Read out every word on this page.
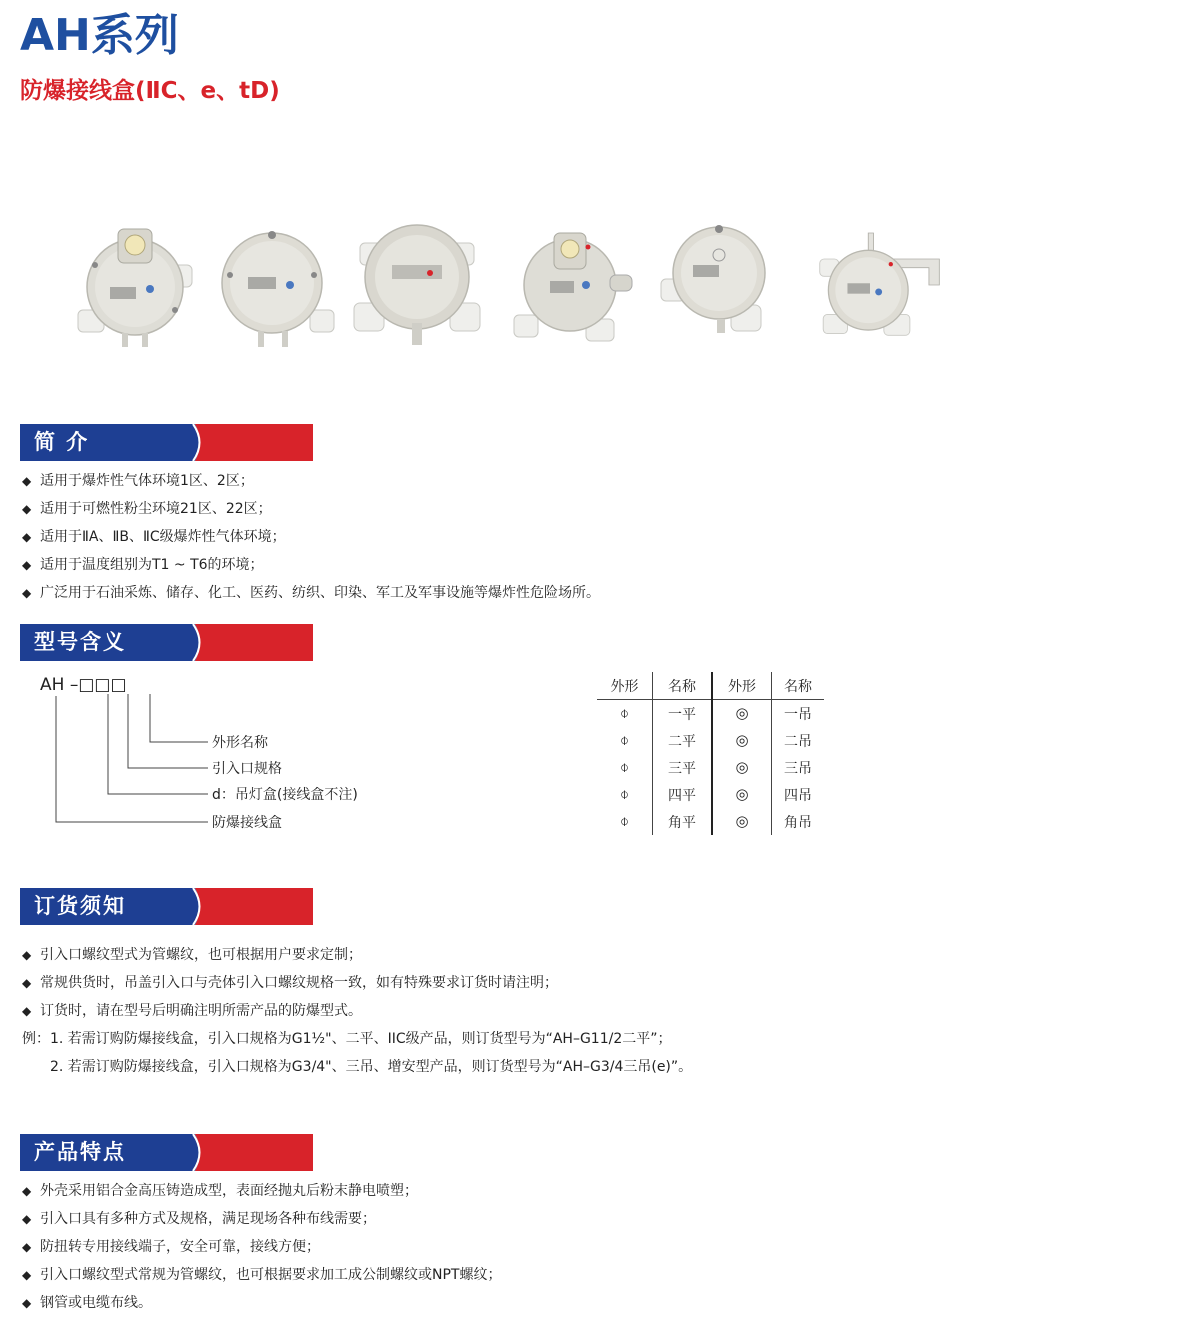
AH系列
防爆接线盒(ⅡC、e、tD)
简 介
◆ 适用于爆炸性气体环境1区、2区；
◆ 适用于可燃性粉尘环境21区、22区；
◆ 适用于ⅡA、ⅡB、ⅡC级爆炸性气体环境；
◆ 适用于温度组别为T1 ~ T6的环境；
◆ 广泛用于石油采炼、储存、化工、医药、纺织、印染、军工及军事设施等爆炸性危险场所。
型号含义
AH –□□□
外形名称
引入口规格
d：吊灯盒(接线盒不注)
防爆接线盒
外形	名称	外形	名称
⌽	一平	◎	一吊
⌽	二平	◎	二吊
⌽	三平	◎	三吊
⌽	四平	◎	四吊
⌽	角平	◎	角吊
订货须知
◆ 引入口螺纹型式为管螺纹，也可根据用户要求定制；
◆ 常规供货时，吊盖引入口与壳体引入口螺纹规格一致，如有特殊要求订货时请注明；
◆ 订货时，请在型号后明确注明所需产品的防爆型式。
例：1. 若需订购防爆接线盒，引入口规格为G1½"、二平、IIC级产品，则订货型号为“AH–G11/2二平”；
2. 若需订购防爆接线盒，引入口规格为G3/4"、三吊、增安型产品，则订货型号为“AH–G3/4三吊(e)”。
产品特点
◆ 外壳采用铝合金高压铸造成型，表面经抛丸后粉末静电喷塑；
◆ 引入口具有多种方式及规格，满足现场各种布线需要；
◆ 防扭转专用接线端子，安全可靠，接线方便；
◆ 引入口螺纹型式常规为管螺纹，也可根据要求加工成公制螺纹或NPT螺纹；
◆ 钢管或电缆布线。
